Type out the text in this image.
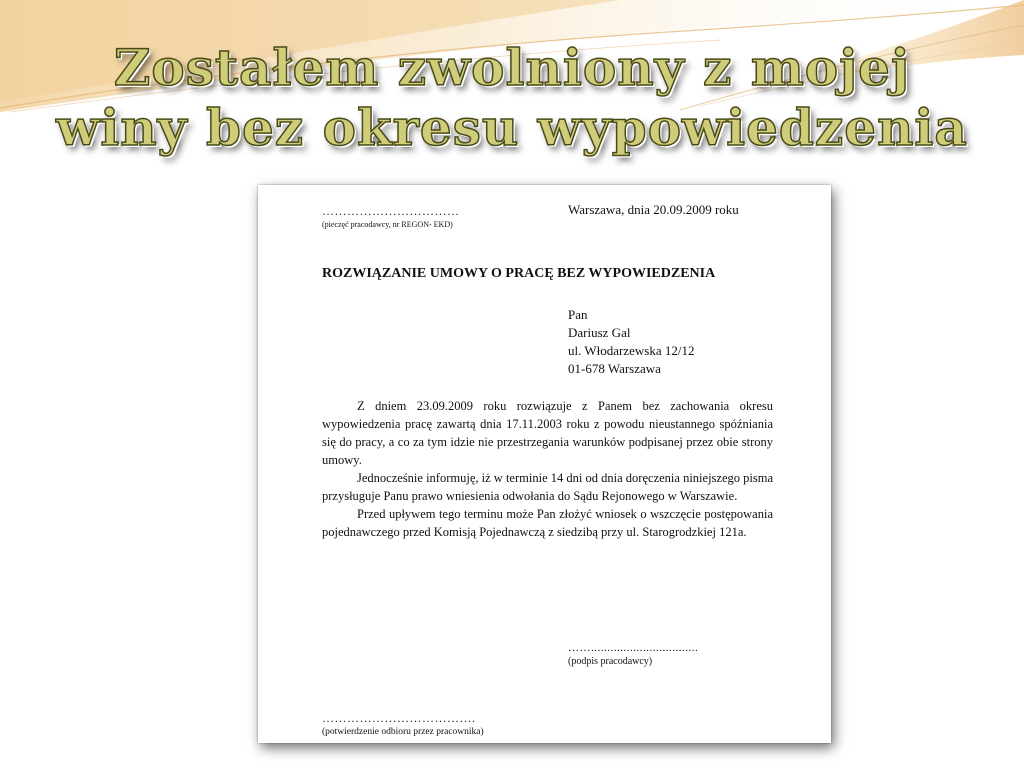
Zostałem zwolniony z mojej
winy bez okresu wypowiedzenia
……………………………
(pieczęć pracodawcy, nr REGON- EKD)
Warszawa, dnia 20.09.2009 roku
ROZWIĄZANIE UMOWY O PRACĘ BEZ WYPOWIEDZENIA
Pan
Dariusz Gal
ul. Włodarzewska 12/12
01-678 Warszawa

Z dniem 23.09.2009 roku rozwiązuje z Panem bez zachowania okresu wypowiedzenia pracę zawartą dnia 17.11.2003 roku z powodu nieustannego spóźniania się do pracy, a co za tym idzie nie przestrzegania warunków podpisanej przez obie strony umowy.

Jednocześnie informuję, iż w terminie 14 dni od dnia doręczenia niniejszego pisma przysługuje Panu prawo wniesienia odwołania do Sądu Rejonowego w Warszawie.

Przed upływem tego terminu może Pan złożyć wniosek o wszczęcie postępowania pojednawczego przed Komisją Pojednawczą z siedzibą przy ul. Starogrodzkiej 121a.

…….................................
(podpis pracodawcy)
……………………………….
(potwierdzenie odbioru przez pracownika)
